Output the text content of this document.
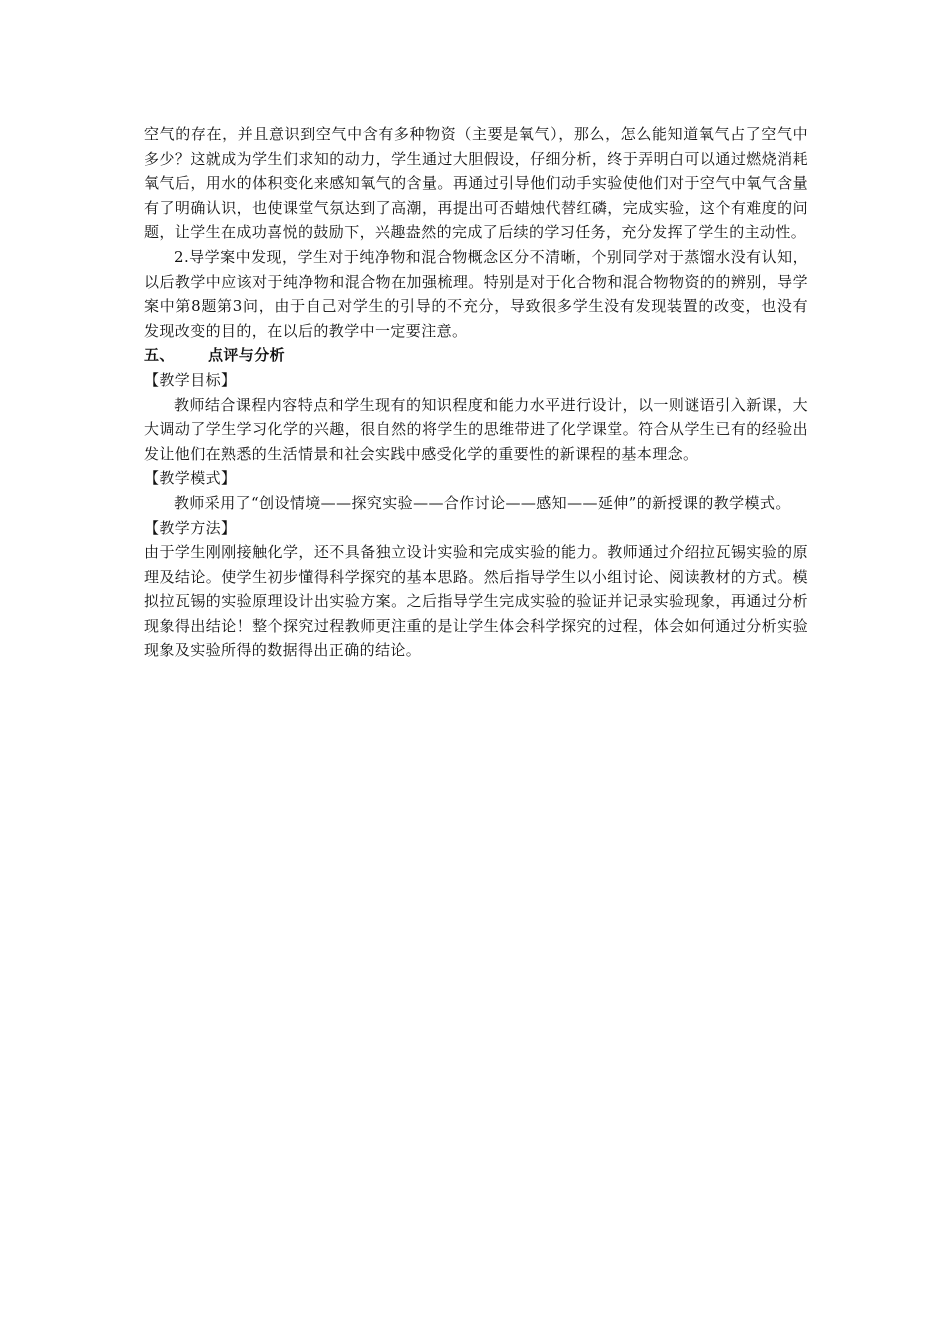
空气的存在，并且意识到空气中含有多种物资（主要是氧气），那么，怎么能知道氧气占了空气中多少？这就成为学生们求知的动力，学生通过大胆假设，仔细分析，终于弄明白可以通过燃烧消耗氧气后，用水的体积变化来感知氧气的含量。再通过引导他们动手实验使他们对于空气中氧气含量有了明确认识，也使课堂气氛达到了高潮，再提出可否蜡烛代替红磷，完成实验，这个有难度的问题，让学生在成功喜悦的鼓励下，兴趣盎然的完成了后续的学习任务，充分发挥了学生的主动性。

2.导学案中发现，学生对于纯净物和混合物概念区分不清晰，个别同学对于蒸馏水没有认知，以后教学中应该对于纯净物和混合物在加强梳理。特别是对于化合物和混合物物资的的辨别，导学案中第8题第3问，由于自己对学生的引导的不充分，导致很多学生没有发现装置的改变，也没有发现改变的目的，在以后的教学中一定要注意。

五、 点评与分析

【教学目标】

教师结合课程内容特点和学生现有的知识程度和能力水平进行设计，以一则谜语引入新课，大大调动了学生学习化学的兴趣，很自然的将学生的思维带进了化学课堂。符合从学生已有的经验出发让他们在熟悉的生活情景和社会实践中感受化学的重要性的新课程的基本理念。

【教学模式】

教师采用了“创设情境——探究实验——合作讨论——感知——延伸”的新授课的教学模式。

【教学方法】

由于学生刚刚接触化学，还不具备独立设计实验和完成实验的能力。教师通过介绍拉瓦锡实验的原理及结论。使学生初步懂得科学探究的基本思路。然后指导学生以小组讨论、阅读教材的方式。模拟拉瓦锡的实验原理设计出实验方案。之后指导学生完成实验的验证并记录实验现象，再通过分析现象得出结论！整个探究过程教师更注重的是让学生体会科学探究的过程，体会如何通过分析实验现象及实验所得的数据得出正确的结论。
